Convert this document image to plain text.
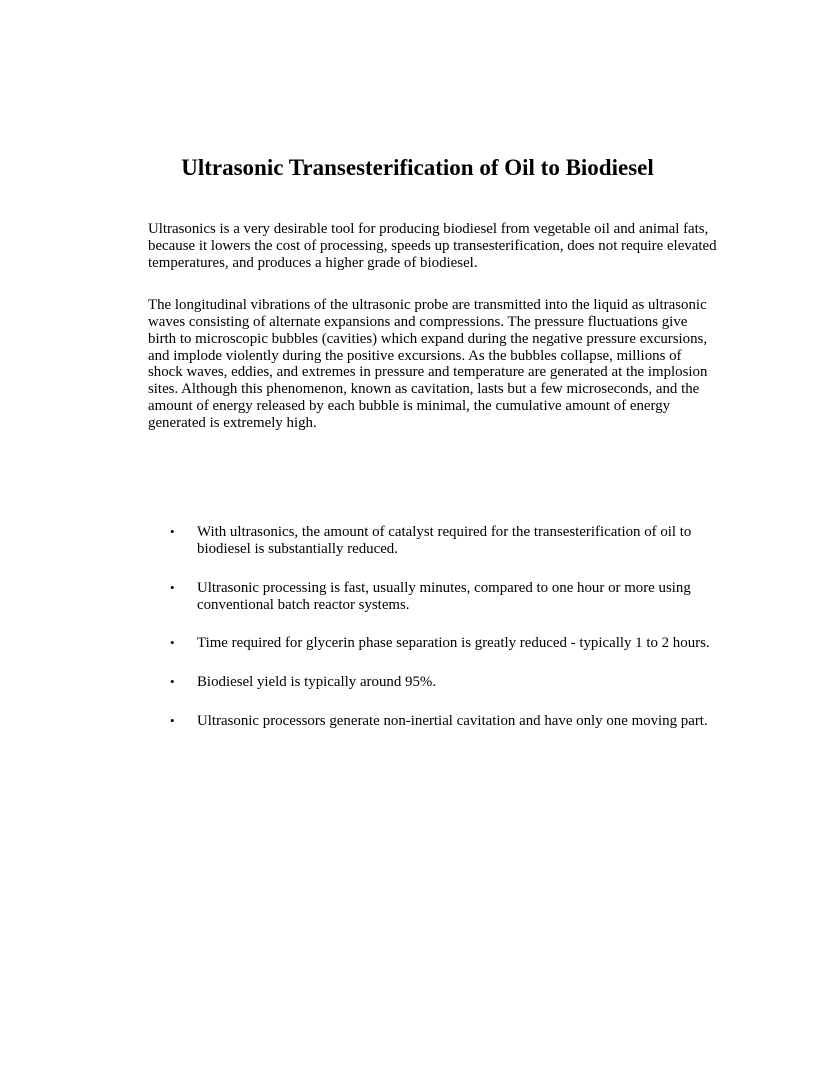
Ultrasonic Transesterification of Oil to Biodiesel

Ultrasonics is a very desirable tool for producing biodiesel from vegetable oil and animal fats, because it lowers the cost of processing, speeds up transesterification, does not require elevated temperatures, and produces a higher grade of biodiesel.

The longitudinal vibrations of the ultrasonic probe are transmitted into the liquid as ultrasonic waves consisting of alternate expansions and compressions. The pressure fluctuations give birth to microscopic bubbles (cavities) which expand during the negative pressure excursions, and implode violently during the positive excursions. As the bubbles collapse, millions of shock waves, eddies, and extremes in pressure and temperature are generated at the implosion sites. Although this phenomenon, known as cavitation, lasts but a few microseconds, and the amount of energy released by each bubble is minimal, the cumulative amount of energy generated is extremely high.

• With ultrasonics, the amount of catalyst required for the transesterification of oil to biodiesel is substantially reduced.
• Ultrasonic processing is fast, usually minutes, compared to one hour or more using conventional batch reactor systems.
• Time required for glycerin phase separation is greatly reduced - typically 1 to 2 hours.
• Biodiesel yield is typically around 95%.
• Ultrasonic processors generate non-inertial cavitation and have only one moving part.
